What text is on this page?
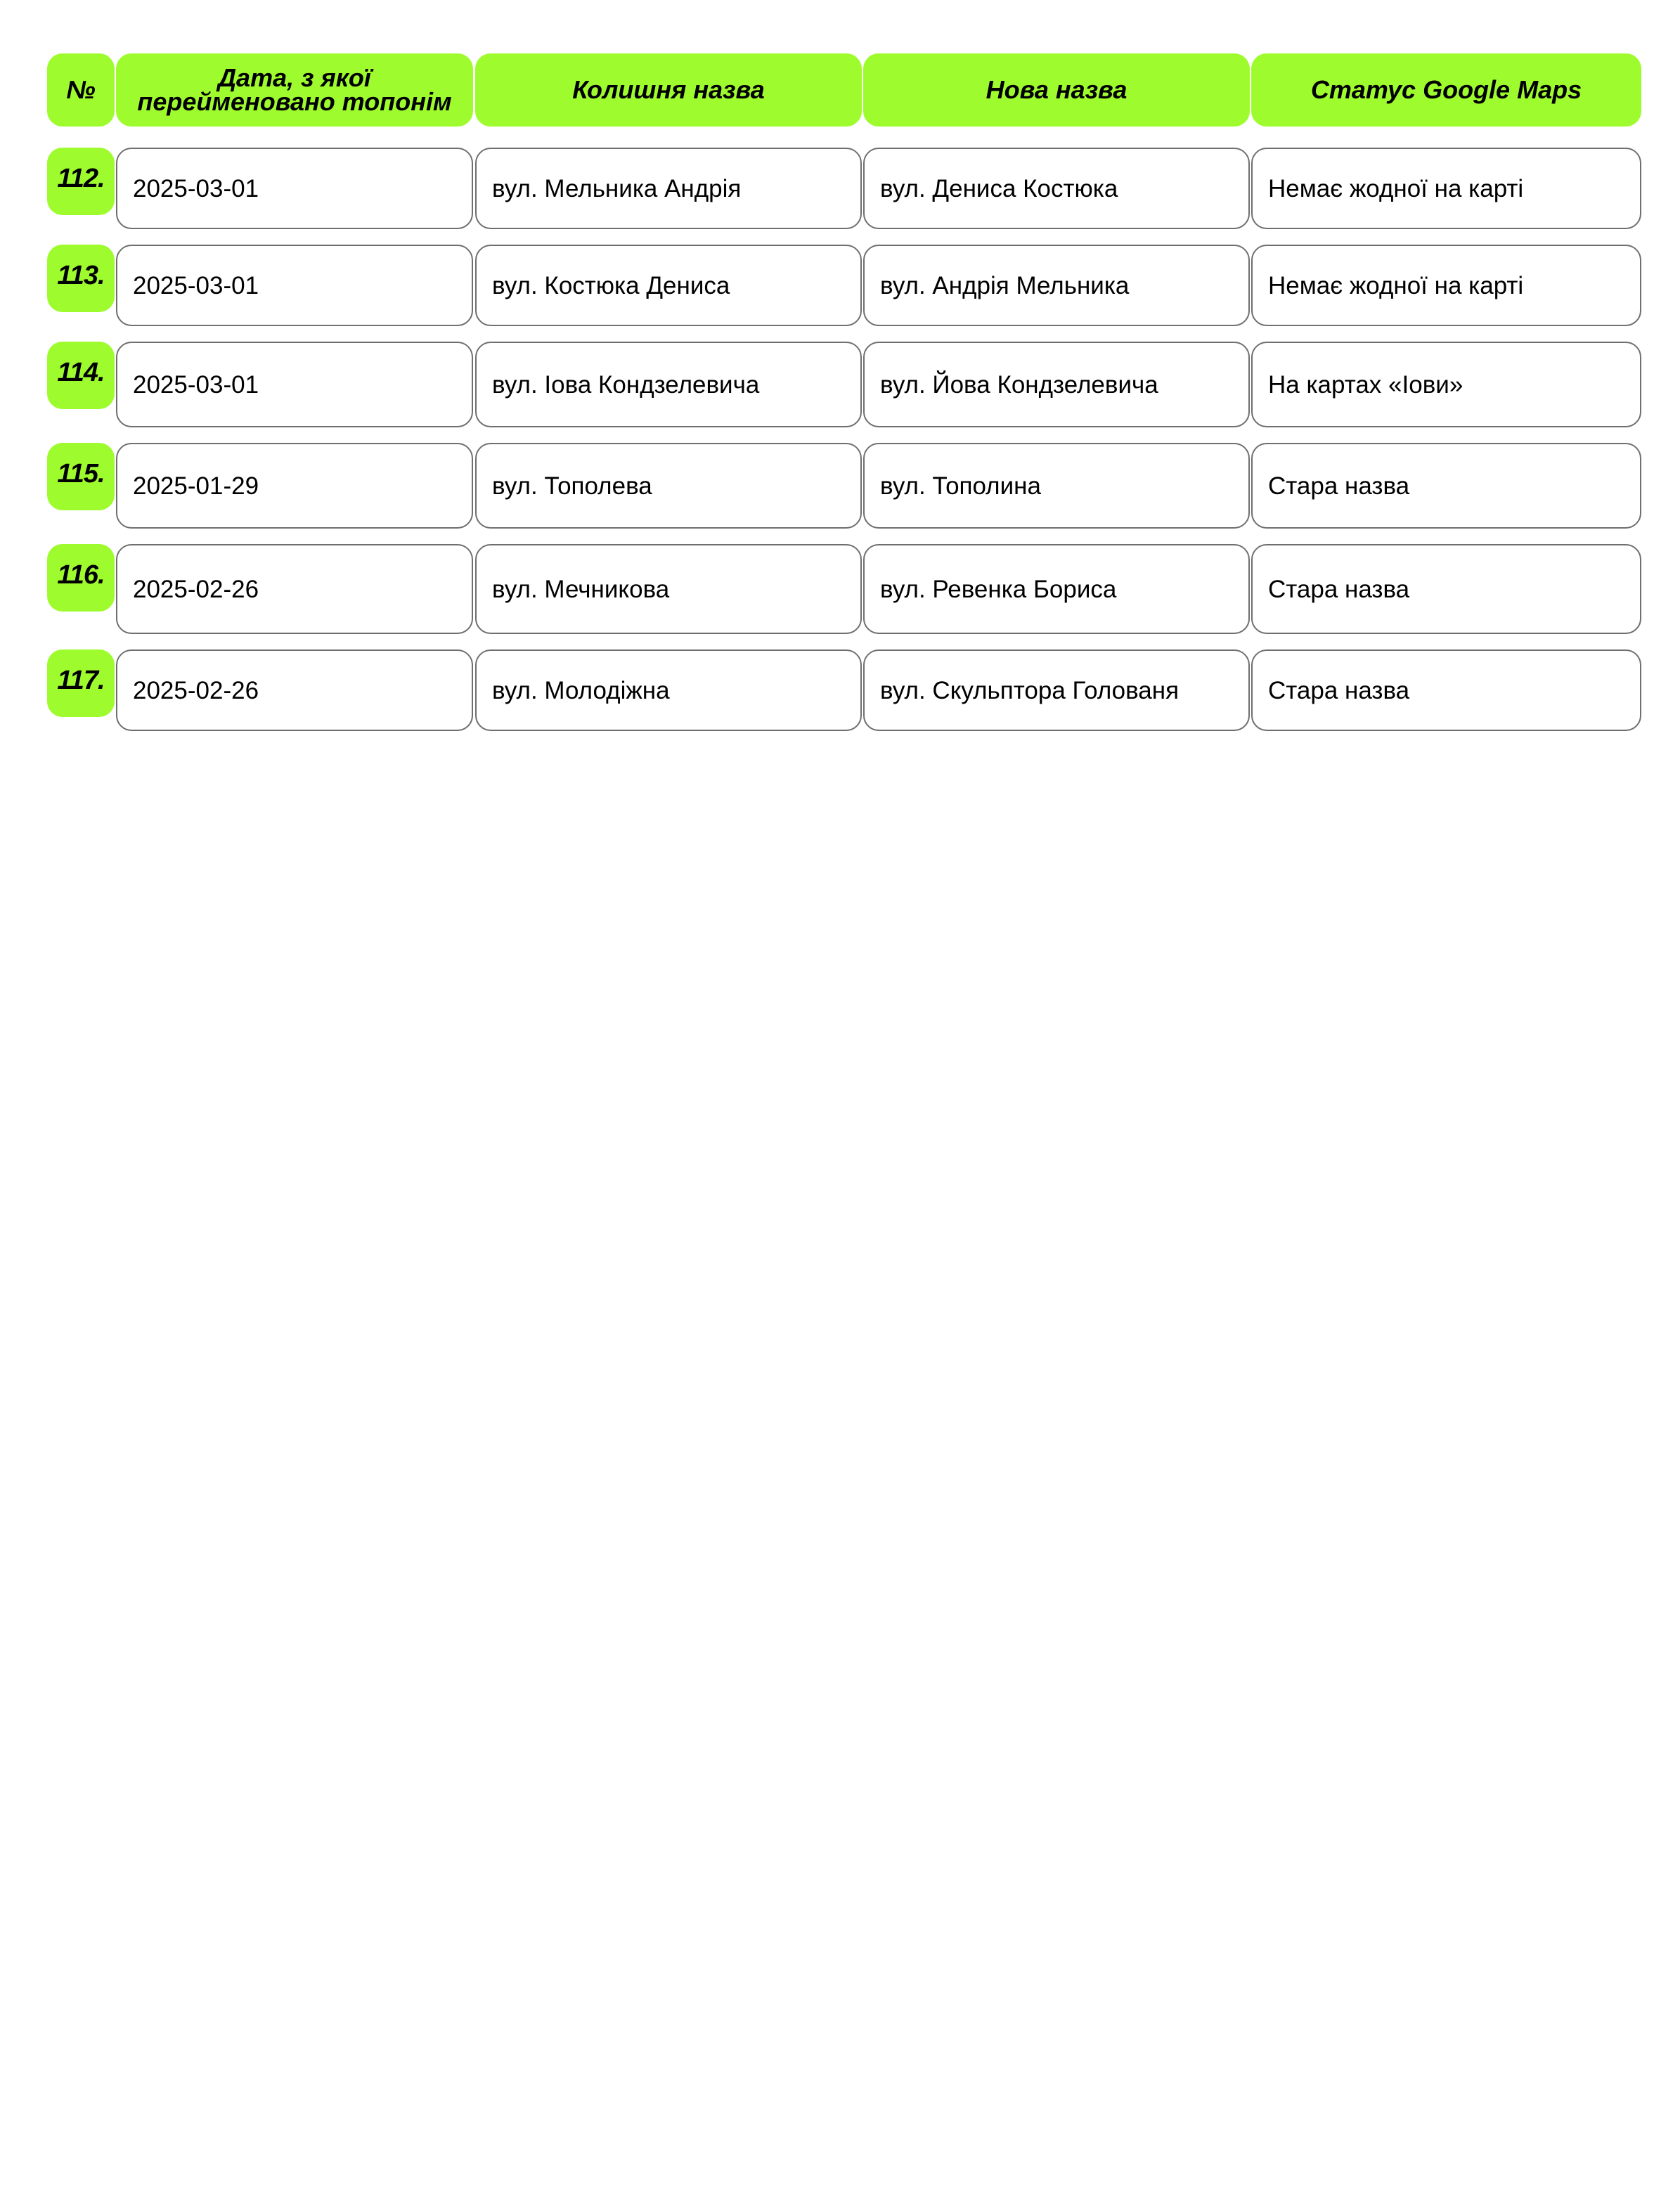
№	Дата, з якої перейменовано топонім	Колишня назва	Нова назва	Статус Google Maps
112.	2025-03-01	вул. Мельника Андрія	вул. Дениса Костюка	Немає жодної на карті
113.	2025-03-01	вул. Костюка Дениса	вул. Андрія Мельника	Немає жодної на карті
114.	2025-03-01	вул. Іова Кондзелевича	вул. Йова Кондзелевича	На картах «Іови»
115.	2025-01-29	вул. Тополева	вул. Тополина	Стара назва
116.	2025-02-26	вул. Мечникова	вул. Ревенка Бориса	Стара назва
117.	2025-02-26	вул. Молодіжна	вул. Скульптора Голованя	Стара назва
